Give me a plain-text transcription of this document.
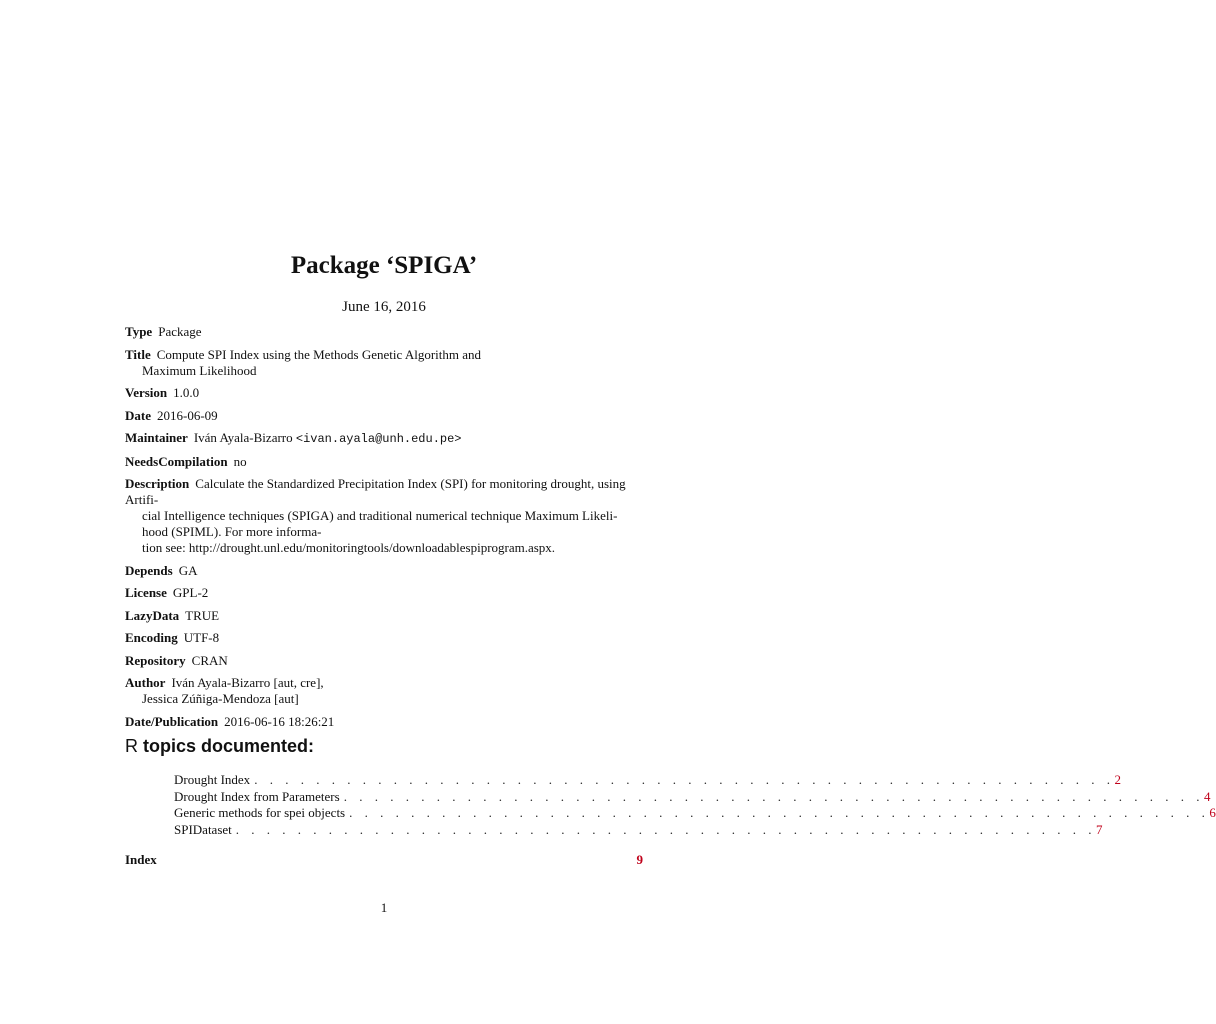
Package ‘SPIGA’
June 16, 2016
Type Package
Title Compute SPI Index using the Methods Genetic Algorithm and
Maximum Likelihood
Version 1.0.0
Date 2016-06-09
Maintainer Iván Ayala-Bizarro <ivan.ayala@unh.edu.pe>
NeedsCompilation no
Description Calculate the Standardized Precipitation Index (SPI) for monitoring drought, using Artifi-
cial Intelligence techniques (SPIGA) and traditional numerical technique Maximum Likeli-
hood (SPIML). For more informa-
tion see: http://drought.unl.edu/monitoringtools/downloadablespiprogram.aspx.
Depends GA
License GPL-2
LazyData TRUE
Encoding UTF-8
Repository CRAN
Author Iván Ayala-Bizarro [aut, cre],
Jessica Zúñiga-Mendoza [aut]
Date/Publication 2016-06-16 18:26:21
R topics documented:
Drought Index . . . . . . . . . . . . . . . . . . . . . . . . . . . . . . . . . . . . . . . . . . . . . . . . . . . . . . . . 2
Drought Index from Parameters . . . . . . . . . . . . . . . . . . . . . . . . . . . . . . . . . . . . . . . . . . . . . . . . . . . . . . . . 4
Generic methods for spei objects . . . . . . . . . . . . . . . . . . . . . . . . . . . . . . . . . . . . . . . . . . . . . . . . . . . . . . . . 6
SPIDataset . . . . . . . . . . . . . . . . . . . . . . . . . . . . . . . . . . . . . . . . . . . . . . . . . . . . . . . . 7
Index	9
1
